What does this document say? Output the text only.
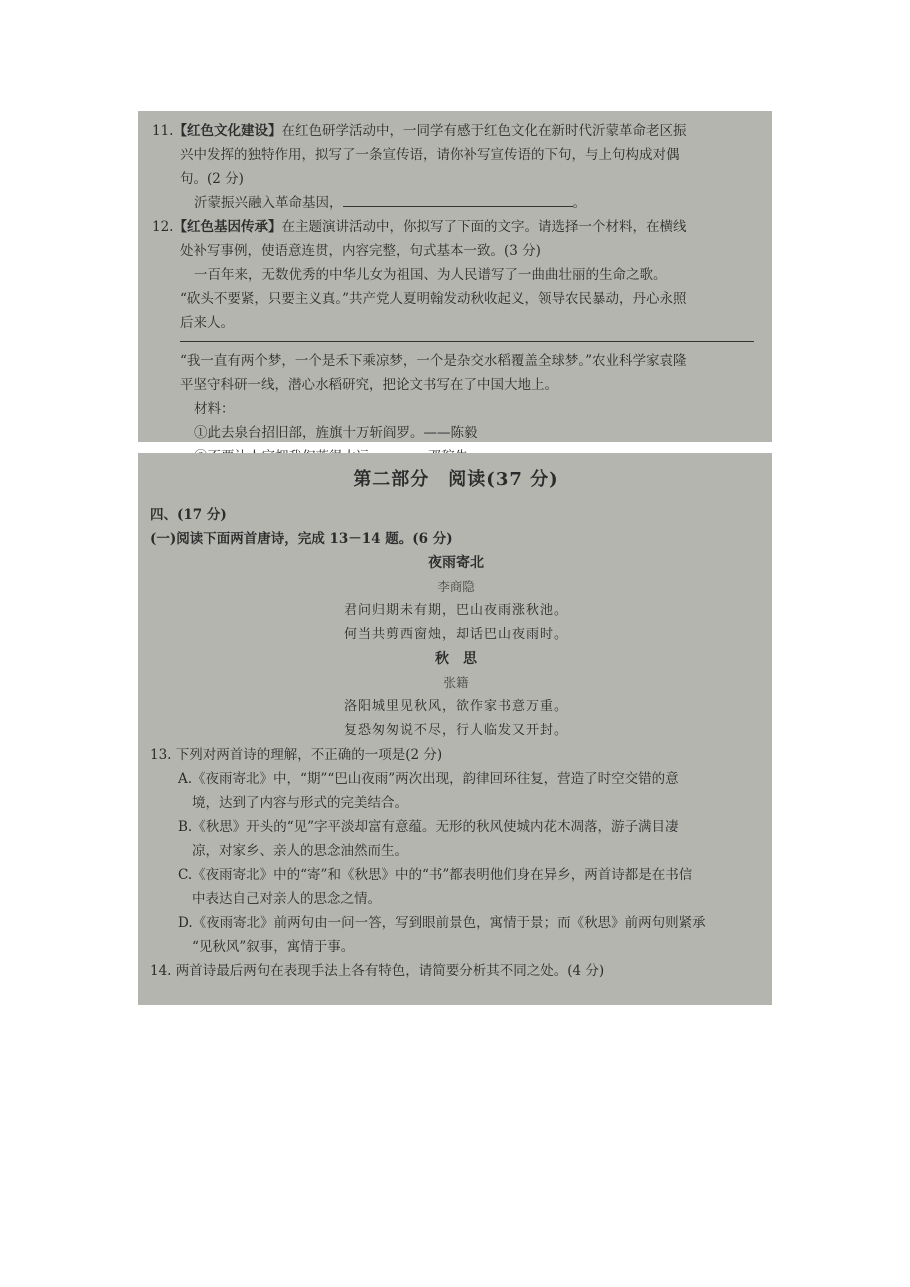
11.【红色文化建设】在红色研学活动中，一同学有感于红色文化在新时代沂蒙革命老区振
兴中发挥的独特作用，拟写了一条宣传语，请你补写宣传语的下句，与上句构成对偶
句。(2 分)
沂蒙振兴融入革命基因，	。
12.【红色基因传承】在主题演讲活动中，你拟写了下面的文字。请选择一个材料，在横线
处补写事例，使语意连贯，内容完整，句式基本一致。(3 分)
一百年来，无数优秀的中华儿女为祖国、为人民谱写了一曲曲壮丽的生命之歌。
“砍头不要紧，只要主义真。”共产党人夏明翰发动秋收起义，领导农民暴动，丹心永照
后来人。
“我一直有两个梦，一个是禾下乘凉梦，一个是杂交水稻覆盖全球梦。”农业科学家袁隆
平坚守科研一线，潜心水稻研究，把论文书写在了中国大地上。
材料：
①此去泉台招旧部，旌旗十万斩阎罗。——陈毅
第二部分　阅读(37 分)
四、(17 分)
(一)阅读下面两首唐诗，完成 13－14 题。(6 分)
夜雨寄北
李商隐
君问归期未有期，巴山夜雨涨秋池。
何当共剪西窗烛，却话巴山夜雨时。
秋　思
张籍
洛阳城里见秋风，欲作家书意万重。
复恐匆匆说不尽，行人临发又开封。
13. 下列对两首诗的理解，不正确的一项是(2 分)
A.《夜雨寄北》中，“期”“巴山夜雨”两次出现，韵律回环往复，营造了时空交错的意
境，达到了内容与形式的完美结合。
B.《秋思》开头的“见”字平淡却富有意蕴。无形的秋风使城内花木凋落，游子满目凄
凉，对家乡、亲人的思念油然而生。
C.《夜雨寄北》中的“寄”和《秋思》中的“书”都表明他们身在异乡，两首诗都是在书信
中表达自己对亲人的思念之情。
D.《夜雨寄北》前两句由一问一答，写到眼前景色，寓情于景；而《秋思》前两句则紧承
“见秋风”叙事，寓情于事。
14. 两首诗最后两句在表现手法上各有特色，请简要分析其不同之处。(4 分)
